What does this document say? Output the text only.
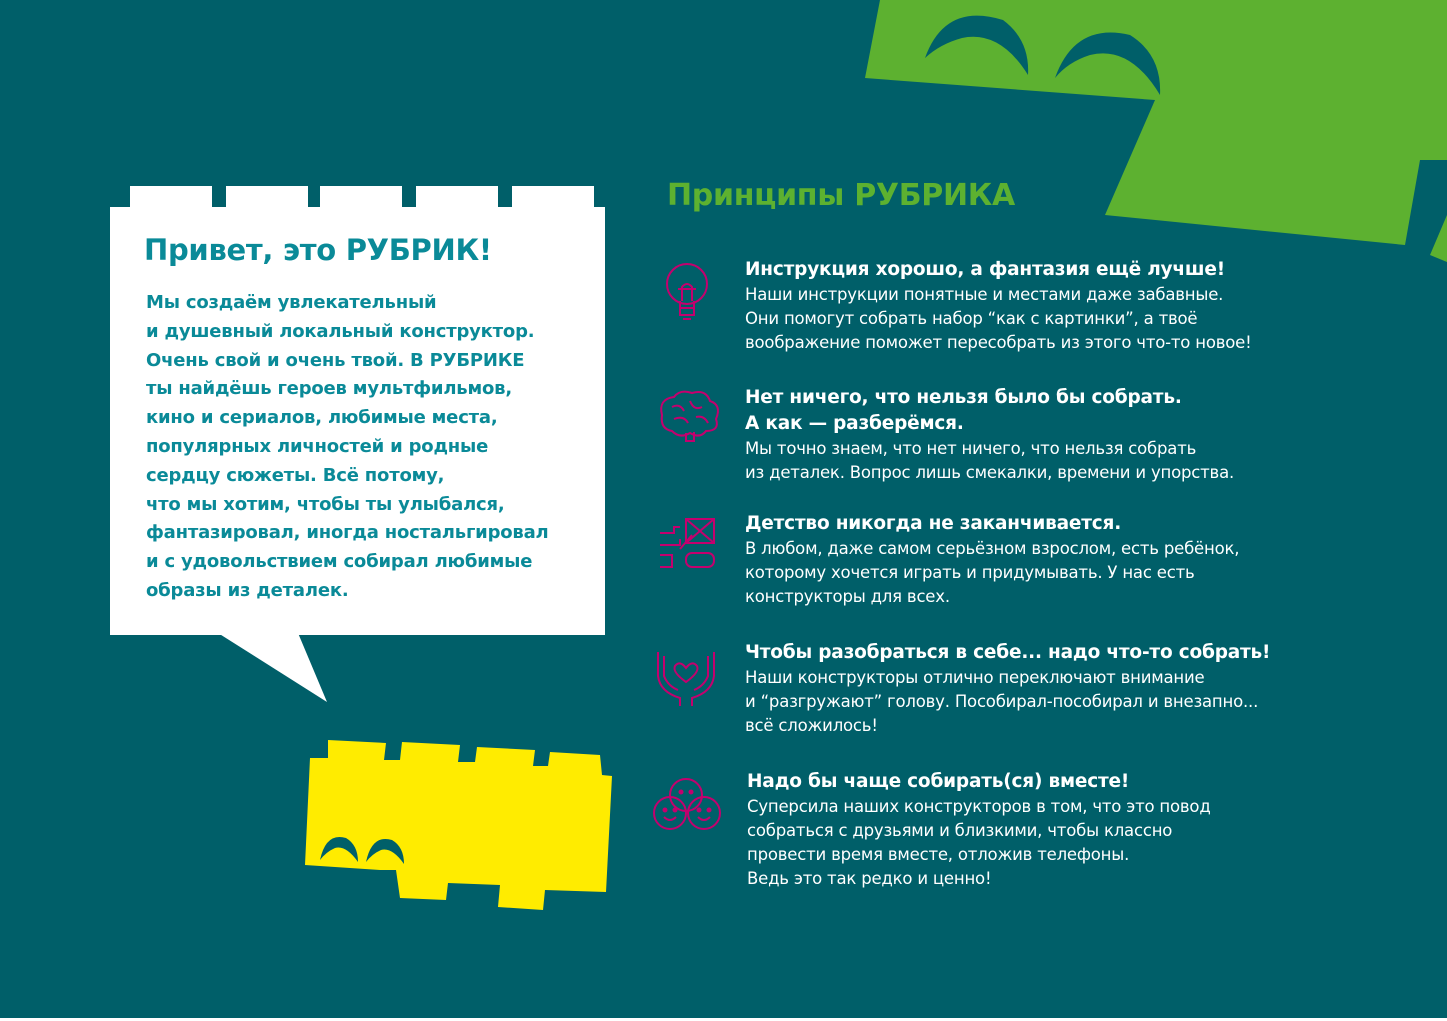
Привет, это РУБРИК!
Мы создаём увлекательный
и душевный локальный конструктор.
Очень свой и очень твой. В РУБРИКЕ
ты найдёшь героев мультфильмов,
кино и сериалов, любимые места,
популярных личностей и родные
сердцу сюжеты. Всё потому,
что мы хотим, чтобы ты улыбался,
фантазировал, иногда ностальгировал
и с удовольствием собирал любимые
образы из деталек.
Принципы РУБРИКА
Инструкция хорошо, а фантазия ещё лучше!
Наши инструкции понятные и местами даже забавные.
Они помогут собрать набор “как с картинки”, а твоё
воображение поможет пересобрать из этого что-то новое!
Нет ничего, что нельзя было бы собрать.
А как — разберёмся.
Мы точно знаем, что нет ничего, что нельзя собрать
из деталек. Вопрос лишь смекалки, времени и упорства.
Детство никогда не заканчивается.
В любом, даже самом серьёзном взрослом, есть ребёнок,
которому хочется играть и придумывать. У нас есть
конструкторы для всех.
Чтобы разобраться в себе... надо что-то собрать!
Наши конструкторы отлично переключают внимание
и “разгружают” голову. Пособирал-пособирал и внезапно...
всё сложилось!
Надо бы чаще собирать(ся) вместе!
Суперсила наших конструкторов в том, что это повод
собраться с друзьями и близкими, чтобы классно
провести время вместе, отложив телефоны.
Ведь это так редко и ценно!
